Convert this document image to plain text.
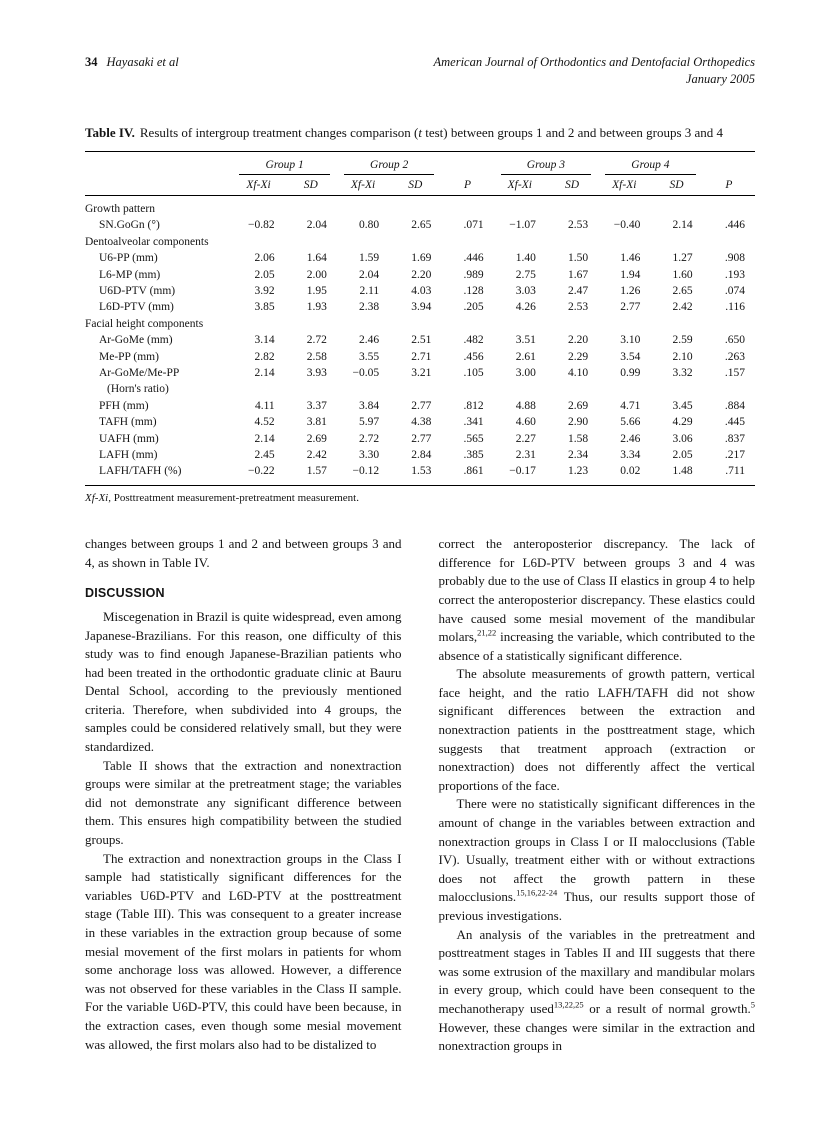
34 Hayasaki et al	American Journal of Orthodontics and Dentofacial Orthopedics
January 2005

Table IV. Results of intergroup treatment changes comparison (t test) between groups 1 and 2 and between groups 3 and 4

	Group 1		Group 2			Group 3		Group 4		

	Xf-Xi	SD	Xf-Xi	SD	P	Xf-Xi	SD	Xf-Xi	SD	P
Growth pattern										
SN.GoGn (°)	−0.82	2.04	0.80	2.65	.071	−1.07	2.53	−0.40	2.14	.446
Dentoalveolar components										
U6-PP (mm)	2.06	1.64	1.59	1.69	.446	1.40	1.50	1.46	1.27	.908
L6-MP (mm)	2.05	2.00	2.04	2.20	.989	2.75	1.67	1.94	1.60	.193
U6D-PTV (mm)	3.92	1.95	2.11	4.03	.128	3.03	2.47	1.26	2.65	.074
L6D-PTV (mm)	3.85	1.93	2.38	3.94	.205	4.26	2.53	2.77	2.42	.116
Facial height components										
Ar-GoMe (mm)	3.14	2.72	2.46	2.51	.482	3.51	2.20	3.10	2.59	.650
Me-PP (mm)	2.82	2.58	3.55	2.71	.456	2.61	2.29	3.54	2.10	.263
Ar-GoMe/Me-PP	2.14	3.93	−0.05	3.21	.105	3.00	4.10	0.99	3.32	.157
(Horn's ratio)										
PFH (mm)	4.11	3.37	3.84	2.77	.812	4.88	2.69	4.71	3.45	.884
TAFH (mm)	4.52	3.81	5.97	4.38	.341	4.60	2.90	5.66	4.29	.445
UAFH (mm)	2.14	2.69	2.72	2.77	.565	2.27	1.58	2.46	3.06	.837
LAFH (mm)	2.45	2.42	3.30	2.84	.385	2.31	2.34	3.34	2.05	.217
LAFH/TAFH (%)	−0.22	1.57	−0.12	1.53	.861	−0.17	1.23	0.02	1.48	.711

Xf-Xi, Posttreatment measurement-pretreatment measurement.

changes between groups 1 and 2 and between groups 3 and 4, as shown in Table IV.

DISCUSSION

Miscegenation in Brazil is quite widespread, even among Japanese-Brazilians. For this reason, one difficulty of this study was to find enough Japanese-Brazilian patients who had been treated in the orthodontic graduate clinic at Bauru Dental School, according to the previously mentioned criteria. Therefore, when subdivided into 4 groups, the samples could be considered relatively small, but they were standardized.

Table II shows that the extraction and nonextraction groups were similar at the pretreatment stage; the variables did not demonstrate any significant difference between them. This ensures high compatibility between the studied groups.

The extraction and nonextraction groups in the Class I sample had statistically significant differences for the variables U6D-PTV and L6D-PTV at the posttreatment stage (Table III). This was consequent to a greater increase in these variables in the extraction group because of some mesial movement of the first molars in patients for whom some anchorage loss was allowed. However, a difference was not observed for these variables in the Class II sample. For the variable U6D-PTV, this could have been because, in the extraction cases, even though some mesial movement was allowed, the first molars also had to be distalized to

correct the anteroposterior discrepancy. The lack of difference for L6D-PTV between groups 3 and 4 was probably due to the use of Class II elastics in group 4 to help correct the anteroposterior discrepancy. These elastics could have caused some mesial movement of the mandibular molars,$^{21,22}$ increasing the variable, which contributed to the absence of a statistically significant difference.

The absolute measurements of growth pattern, vertical face height, and the ratio LAFH/TAFH did not show significant differences between the extraction and nonextraction patients in the posttreatment stage, which suggests that treatment approach (extraction or nonextraction) does not differently affect the vertical proportions of the face.

There were no statistically significant differences in the amount of change in the variables between extraction and nonextraction groups in Class I or II malocclusions (Table IV). Usually, treatment either with or without extractions does not affect the growth pattern in these malocclusions.$^{15,16,22-24}$ Thus, our results support those of previous investigations.

An analysis of the variables in the pretreatment and posttreatment stages in Tables II and III suggests that there was some extrusion of the maxillary and mandibular molars in every group, which could have been consequent to the mechanotherapy used$^{13,22,25}$ or a result of normal growth.$^5$ However, these changes were similar in the extraction and nonextraction groups in
